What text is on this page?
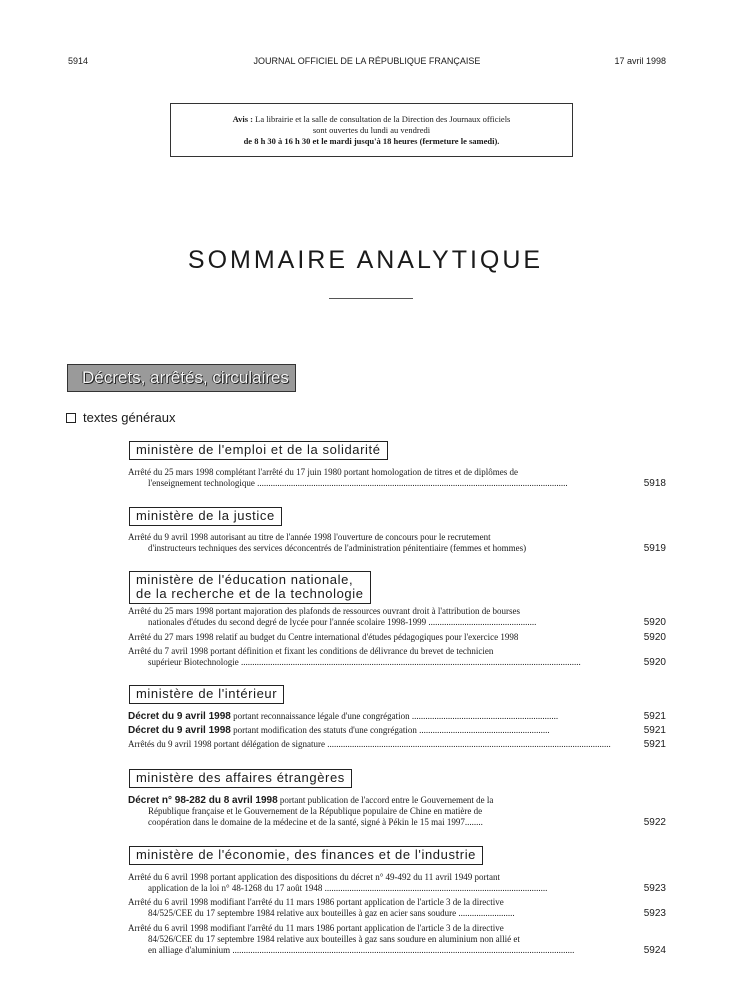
5914	JOURNAL OFFICIEL DE LA RÉPUBLIQUE FRANÇAISE	17 avril 1998
Avis : La librairie et la salle de consultation de la Direction des Journaux officiels
sont ouvertes du lundi au vendredi
de 8 h 30 à 16 h 30 et le mardi jusqu'à 18 heures (fermeture le samedi).
SOMMAIRE ANALYTIQUE
Décrets, arrêtés, circulaires
textes généraux
ministère de l'emploi et de la solidarité
Arrêté du 25 mars 1998 complétant l'arrêté du 17 juin 1980 portant homologation de titres et de diplômes de
l'enseignement technologique ..........................................................................................................................................	5918
ministère de la justice
Arrêté du 9 avril 1998 autorisant au titre de l'année 1998 l'ouverture de concours pour le recrutement
d'instructeurs techniques des services déconcentrés de l'administration pénitentiaire (femmes et hommes)	5919
ministère de l'éducation nationale,
de la recherche et de la technologie
Arrêté du 25 mars 1998 portant majoration des plafonds de ressources ouvrant droit à l'attribution de bourses
nationales d'études du second degré de lycée pour l'année scolaire 1998-1999 ................................................	5920
Arrêté du 27 mars 1998 relatif au budget du Centre international d'études pédagogiques pour l'exercice 1998	5920
Arrêté du 7 avril 1998 portant définition et fixant les conditions de délivrance du brevet de technicien
supérieur Biotechnologie .......................................................................................................................................................	5920
ministère de l'intérieur
Décret du 9 avril 1998 portant reconnaissance légale d'une congrégation .................................................................	5921
Décret du 9 avril 1998 portant modification des statuts d'une congrégation ..........................................................	5921
Arrêtés du 9 avril 1998 portant délégation de signature ..............................................................................................................................	5921
ministère des affaires étrangères
Décret n° 98-282 du 8 avril 1998 portant publication de l'accord entre le Gouvernement de la
République française et le Gouvernement de la République populaire de Chine en matière de
coopération dans le domaine de la médecine et de la santé, signé à Pékin le 15 mai 1997........	5922
ministère de l'économie, des finances et de l'industrie
Arrêté du 6 avril 1998 portant application des dispositions du décret n° 49-492 du 11 avril 1949 portant
application de la loi n° 48-1268 du 17 août 1948 ...................................................................................................	5923
Arrêté du 6 avril 1998 modifiant l'arrêté du 11 mars 1986 portant application de l'article 3 de la directive
84/525/CEE du 17 septembre 1984 relative aux bouteilles à gaz en acier sans soudure .........................	5923
Arrêté du 6 avril 1998 modifiant l'arrêté du 11 mars 1986 portant application de l'article 3 de la directive
84/526/CEE du 17 septembre 1984 relative aux bouteilles à gaz sans soudure en aluminium non allié et
en alliage d'aluminium ........................................................................................................................................................	5924
